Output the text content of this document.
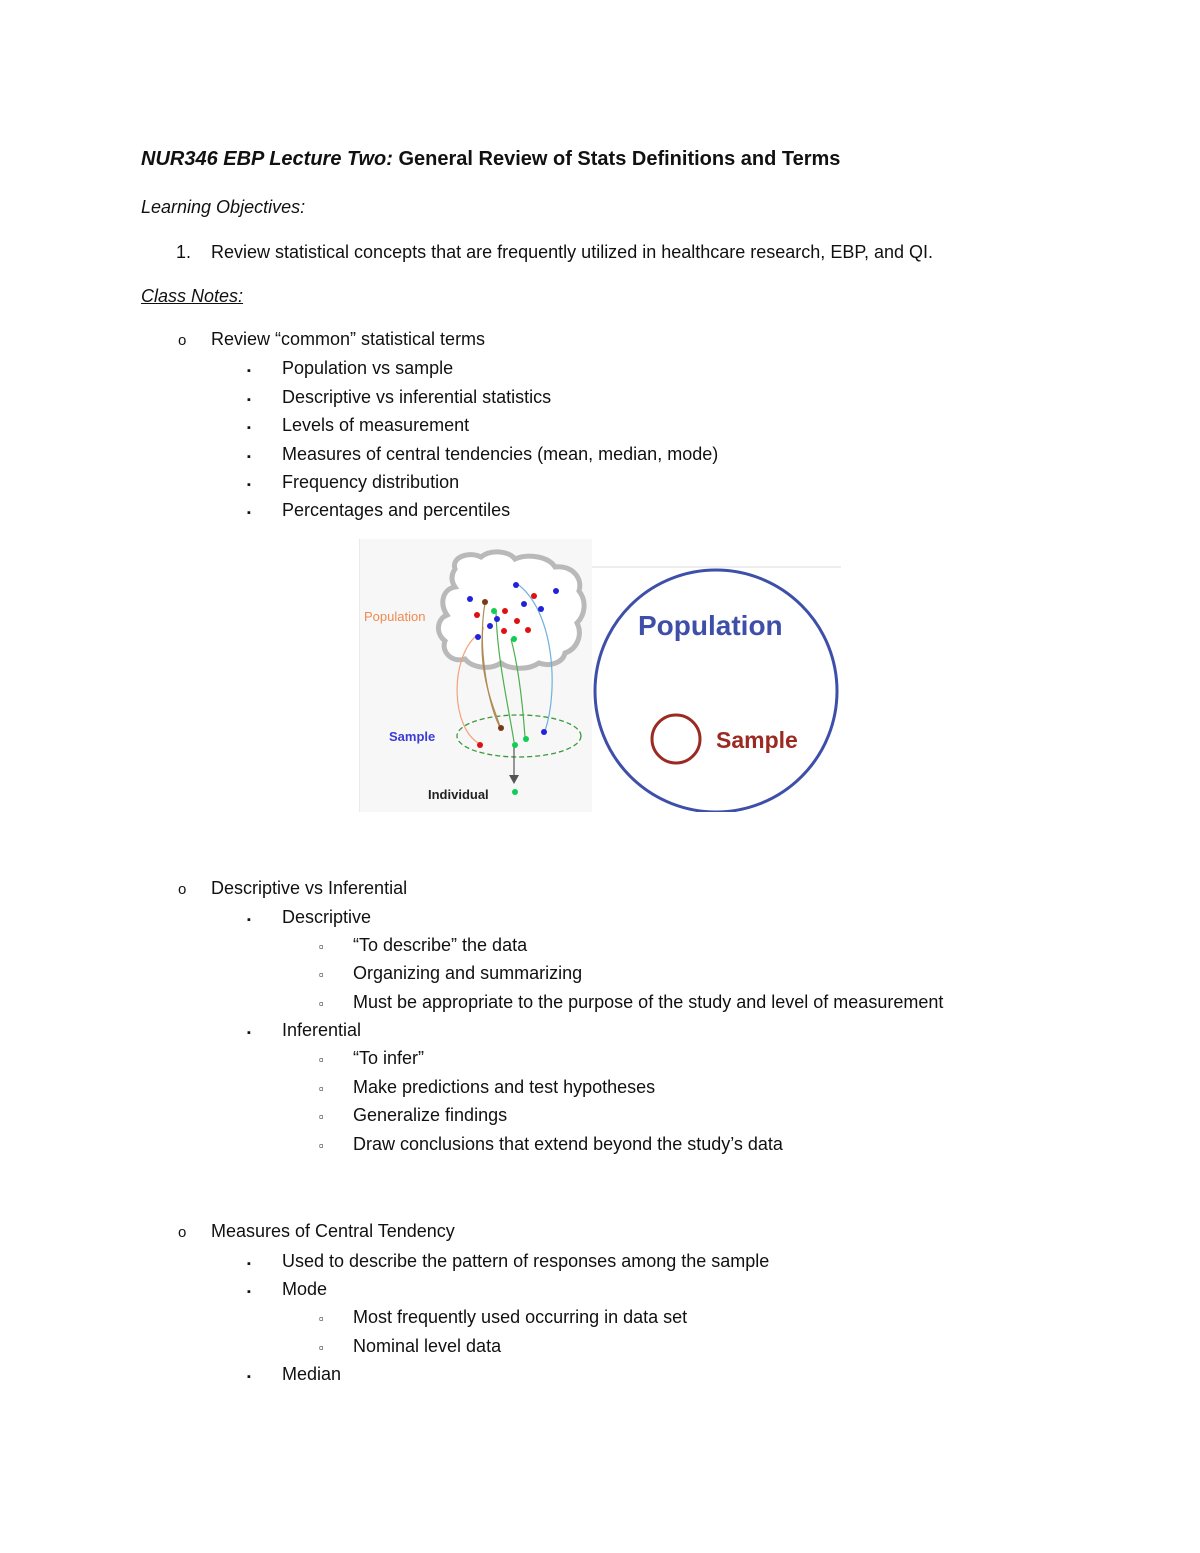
NUR346 EBP Lecture Two: General Review of Stats Definitions and Terms
Learning Objectives:
1. Review statistical concepts that are frequently utilized in healthcare research, EBP, and QI.
Class Notes:
o Review “common” statistical terms
▪ Population vs sample
▪ Descriptive vs inferential statistics
▪ Levels of measurement
▪ Measures of central tendencies (mean, median, mode)
▪ Frequency distribution
▪ Percentages and percentiles
Population
Sample
Individual
Population
Sample
o Descriptive vs Inferential
▪ Descriptive
▫ “To describe” the data
▫ Organizing and summarizing
▫ Must be appropriate to the purpose of the study and level of measurement
▪ Inferential
▫ “To infer”
▫ Make predictions and test hypotheses
▫ Generalize findings
▫ Draw conclusions that extend beyond the study’s data
o Measures of Central Tendency
▪ Used to describe the pattern of responses among the sample
▪ Mode
▫ Most frequently used occurring in data set
▫ Nominal level data
▪ Median
